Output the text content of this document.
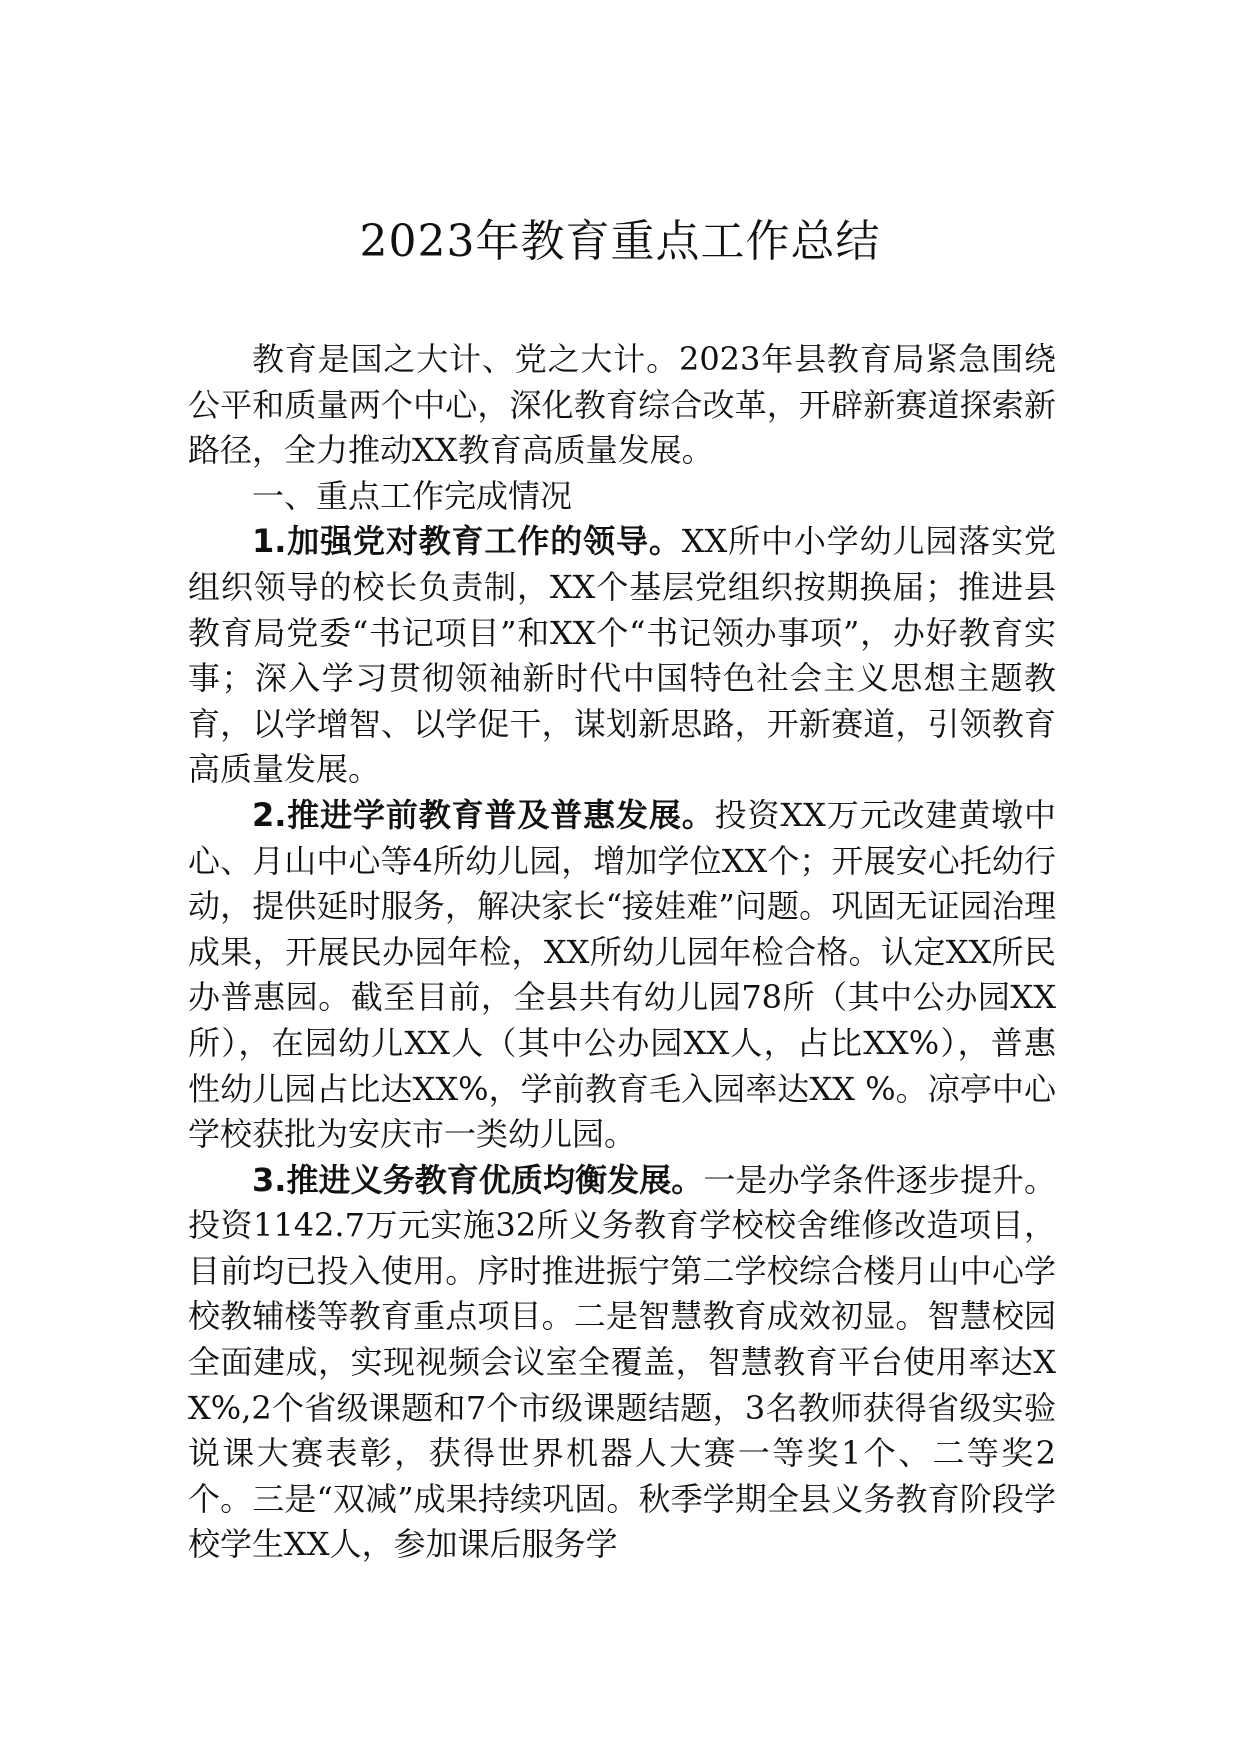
2023年教育重点工作总结

教育是国之大计、党之大计。2023年县教育局紧急围绕公平和质量两个中心，深化教育综合改革，开辟新赛道探索新路径，全力推动XX教育高质量发展。

一、重点工作完成情况

1.加强党对教育工作的领导。XX所中小学幼儿园落实党组织领导的校长负责制，XX个基层党组织按期换届；推进县教育局党委“书记项目”和XX个“书记领办事项”，办好教育实事；深入学习贯彻领袖新时代中国特色社会主义思想主题教育，以学增智、以学促干，谋划新思路，开新赛道，引领教育高质量发展。

2.推进学前教育普及普惠发展。投资XX万元改建黄墩中心、月山中心等4所幼儿园，增加学位XX个；开展安心托幼行动，提供延时服务，解决家长“接娃难”问题。巩固无证园治理成果，开展民办园年检，XX所幼儿园年检合格。认定XX所民办普惠园。截至目前，全县共有幼儿园78所（其中公办园XX所），在园幼儿XX人（其中公办园XX人，占比XX%），普惠性幼儿园占比达XX%，学前教育毛入园率达XX %。凉亭中心学校获批为安庆市一类幼儿园。

3.推进义务教育优质均衡发展。一是办学条件逐步提升。投资1142.7万元实施32所义务教育学校校舍维修改造项目，目前均已投入使用。序时推进振宁第二学校综合楼月山中心学校教辅楼等教育重点项目。二是智慧教育成效初显。智慧校园全面建成，实现视频会议室全覆盖，智慧教育平台使用率达XX%,2个省级课题和7个市级课题结题，3名教师获得省级实验说课大赛表彰，获得世界机器人大赛一等奖1个、二等奖2个。三是“双减”成果持续巩固。秋季学期全县义务教育阶段学校学生XX人，参加课后服务学
